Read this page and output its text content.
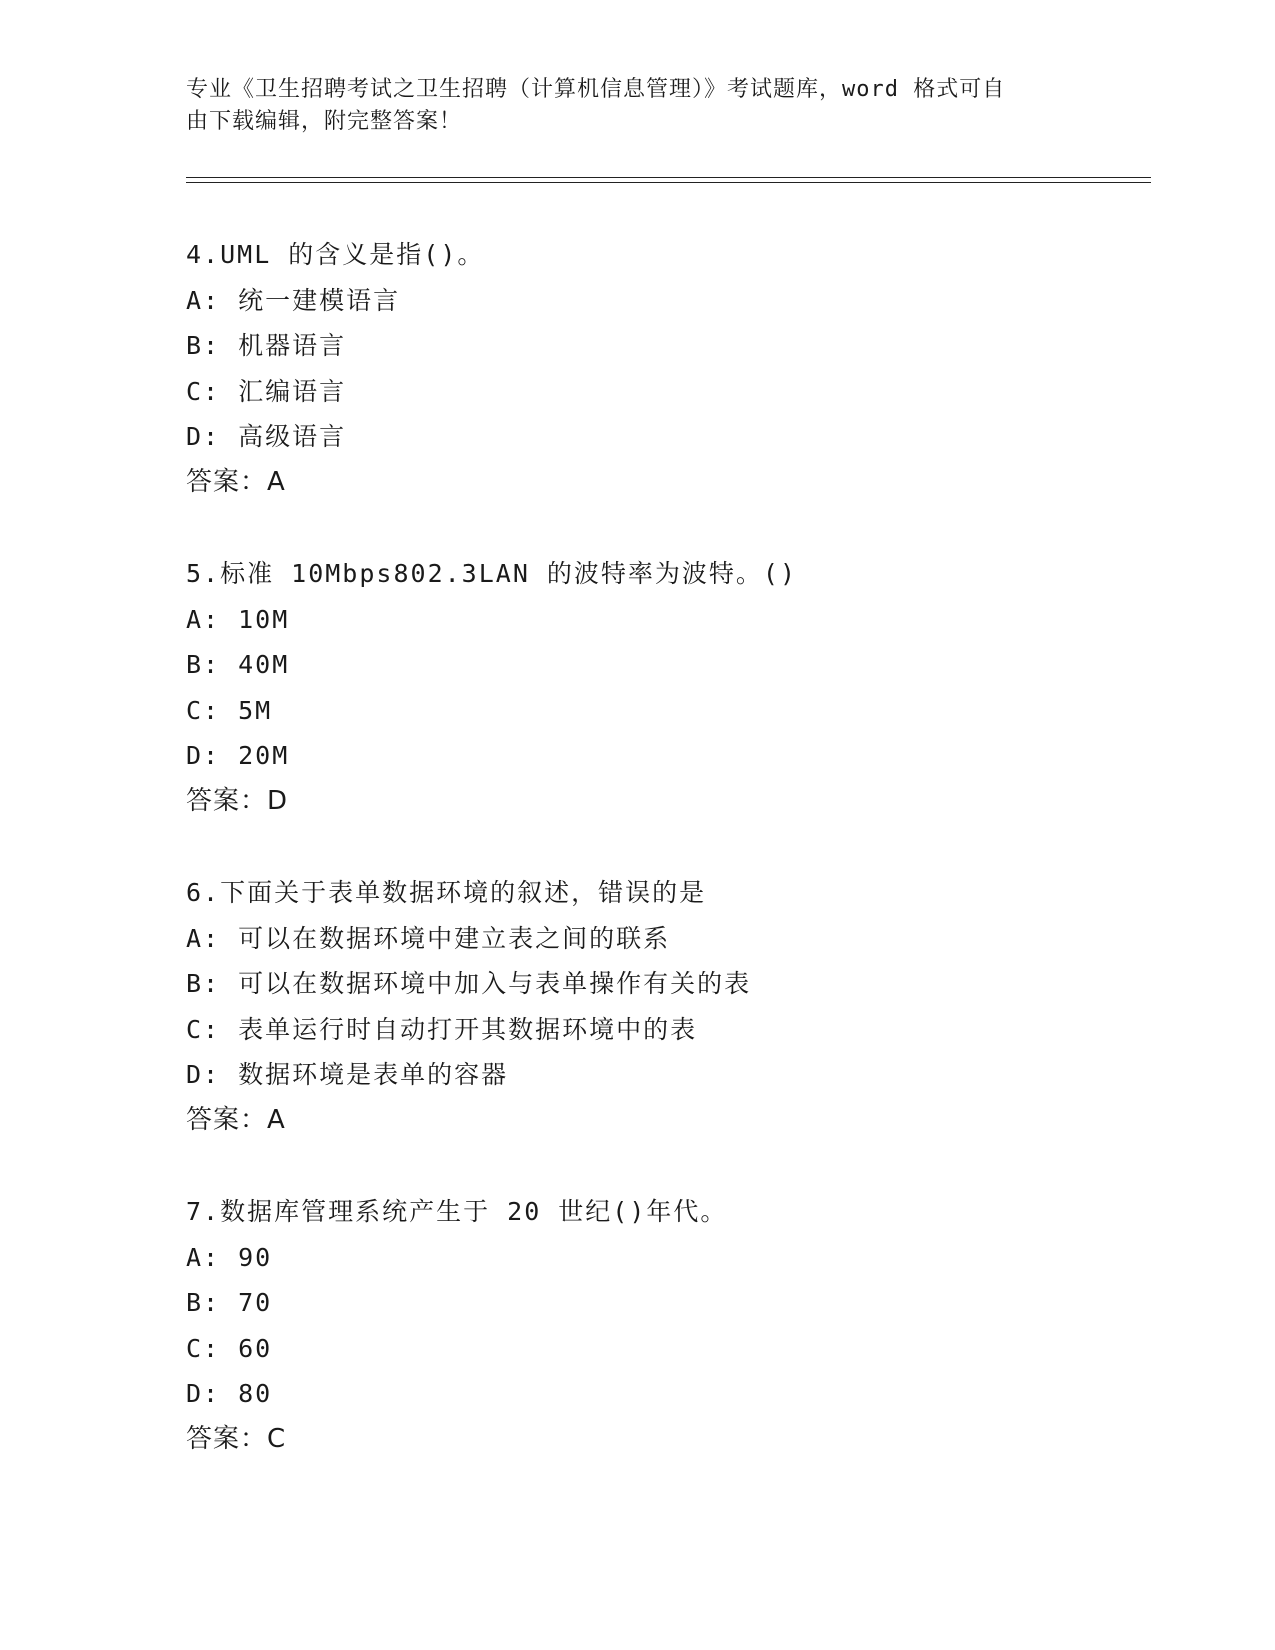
专业《卫生招聘考试之卫生招聘（计算机信息管理）》考试题库，word 格式可自
由下载编辑，附完整答案！
4.UML 的含义是指()。
A: 统一建模语言
B: 机器语言
C: 汇编语言
D: 高级语言
答案：A
5.标准 10Mbps802.3LAN 的波特率为波特。()
A: 10M
B: 40M
C: 5M
D: 20M
答案：D
6.下面关于表单数据环境的叙述，错误的是
A: 可以在数据环境中建立表之间的联系
B: 可以在数据环境中加入与表单操作有关的表
C: 表单运行时自动打开其数据环境中的表
D: 数据环境是表单的容器
答案：A
7.数据库管理系统产生于 20 世纪()年代。
A: 90
B: 70
C: 60
D: 80
答案：C
